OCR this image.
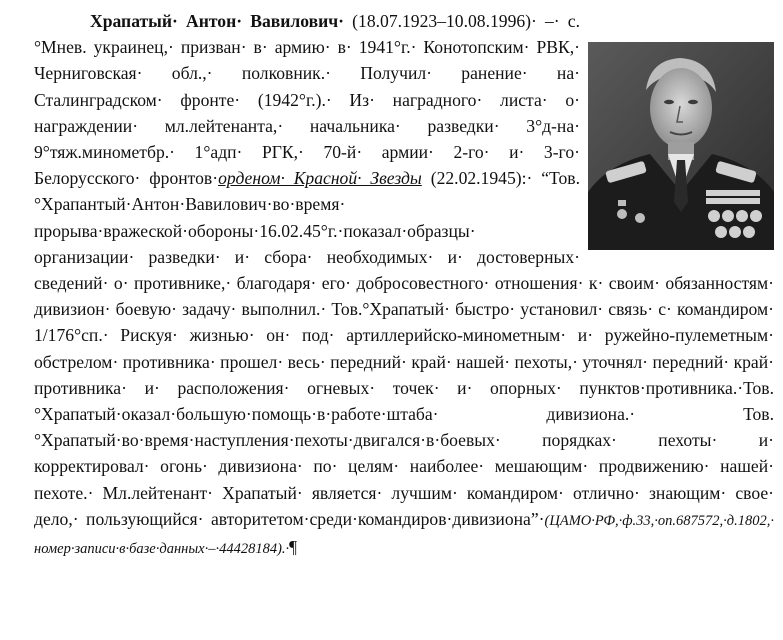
Храпатый· Антон· Вавилович· (18.07.1923–10.08.1996)· –· с.°Мнев. украинец,· призван· в· армию· в· 1941°г.· Конотопским· РВК,· Черниговская· обл.,· полковник.· Получил· ранение· на· Сталинградском· фронте· (1942°г.).· Из· наградного· листа· о· награждении· мл.лейтенанта,· начальника· разведки· 3°д-на· 9°тяж.минометбр.· 1°адп· РГК,· 70-й· армии· 2-го· и· 3-го· Белорусского· фронтов·орденом· Красной· Звезды (22.02.1945):· “Тов.°Храпантый·Антон·Вавилович·во·время· прорыва·вражеской·обороны·16.02.45°г.·показал·образцы· организации· разведки· и· сбора· необходимых· и· достоверных· сведений· о· противнике,· благодаря· его· добросовестного· отношения· к· своим· обязанностям· дивизион· боевую· задачу· выполнил.· Тов.°Храпатый· быстро· установил· связь· с· командиром· 1/176°сп.· Рискуя· жизнью· он· под· артиллерийско-минометным· и· ружейно-пулеметным· обстрелом· противника· прошел· весь· передний· край· нашей· пехоты,· уточнял· передний· край· противника· и· расположения· огневых· точек· и· опорных· пунктов·противника.·Тов.°Храпатый·оказал·большую·помощь·в·работе·штаба· дивизиона.· Тов.°Храпатый·во·время·наступления·пехоты·двигался·в·боевых· порядках· пехоты· и· корректировал· огонь· дивизиона· по· целям· наиболее· мешающим· продвижению· нашей· пехоте.· Мл.лейтенант· Храпатый· является· лучшим· командиром· отлично· знающим· свое· дело,· пользующийся· авторитетом·среди·командиров·дивизиона”·(ЦАМО·РФ,·ф.33,·оп.687572,·д.1802,· номер·записи·в·базе·данных·–·44428184).·¶
